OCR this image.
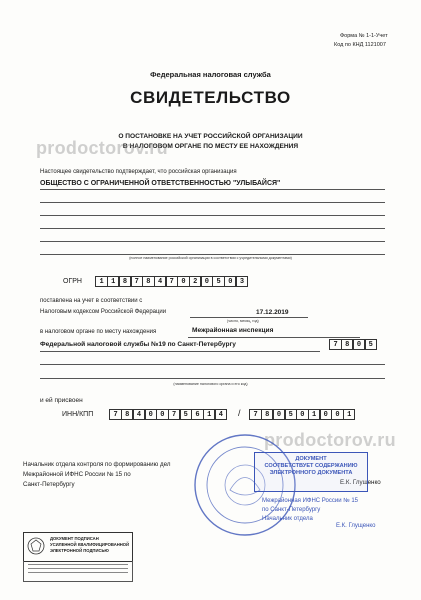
Форма № 1-1-Учет
Код по КНД 1121007
Федеральная налоговая служба
СВИДЕТЕЛЬСТВО
О ПОСТАНОВКЕ НА УЧЕТ РОССИЙСКОЙ ОРГАНИЗАЦИИ
В НАЛОГОВОМ ОРГАНЕ ПО МЕСТУ ЕЕ НАХОЖДЕНИЯ
prodoctorov.ru
Настоящее свидетельство подтверждает, что российская организация
ОБЩЕСТВО С ОГРАНИЧЕННОЙ ОТВЕТСТВЕННОСТЬЮ "УЛЫБАЙСЯ"
(полное наименование российской организации в соответствии с учредительными документами)
ОГРН	1	1	8	7	8	4	7	0	2	0	5	0	3
поставлена на учет в соответствии с
Налоговым кодексом Российской Федерации	17.12.2019
(число, месяц, год)
в налоговом органе по месту нахождения	Межрайонная инспекция
Федеральной налоговой службы №19 по Санкт-Петербургу	7	8	0	5
(наименование налогового органа и его код)
и ей присвоен
ИНН/КПП	7	8	4	0	0	7	5	6	1	4	/	7	8	0	5	0	1	0	0	1
prodoctorov.ru
Начальник отдела контроля по формированию дел
Межрайонной ИФНС России № 15 по
Санкт-Петербургу	Е.К. Глущенко
ДОКУМЕНТ
СООТВЕТСТВУЕТ СОДЕРЖАНИЮ
ЭЛЕКТРОННОГО ДОКУМЕНТА
Межрайонная ИФНС России № 15
по Санкт-Петербургу
Начальник отдела
Е.К. Глущенко
ДОКУМЕНТ ПОДПИСАН
УСИЛЕННОЙ КВАЛИФИЦИРОВАННОЙ
ЭЛЕКТРОННОЙ ПОДПИСЬЮ
